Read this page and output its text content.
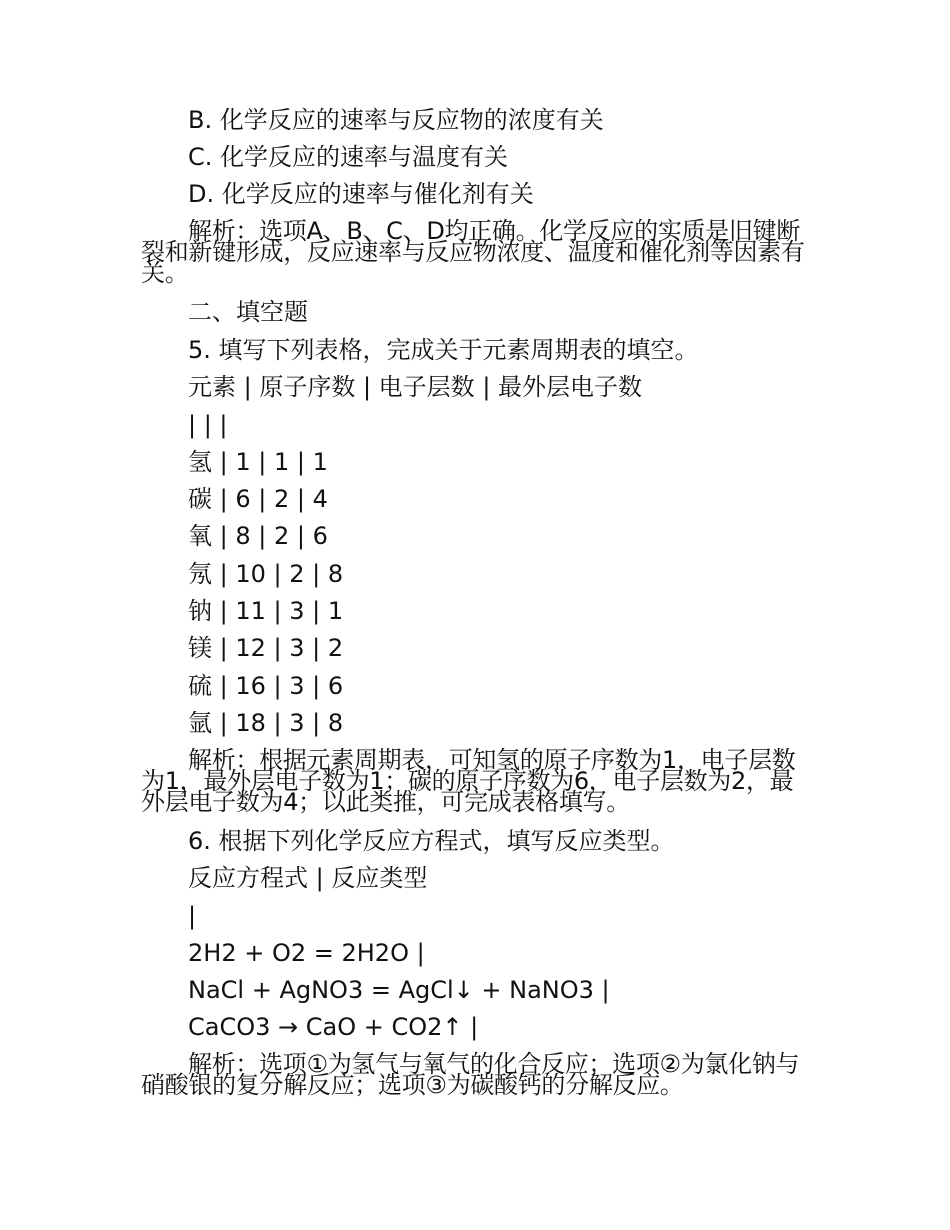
B. 化学反应的速率与反应物的浓度有关
C. 化学反应的速率与温度有关
D. 化学反应的速率与催化剂有关
解析：选项A、B、C、D均正确。化学反应的实质是旧键断裂和新键形成，反应速率与反应物浓度、温度和催化剂等因素有关。
二、填空题
5. 填写下列表格，完成关于元素周期表的填空。
元素 | 原子序数 | 电子层数 | 最外层电子数
| | |
氢 | 1 | 1 | 1
碳 | 6 | 2 | 4
氧 | 8 | 2 | 6
氖 | 10 | 2 | 8
钠 | 11 | 3 | 1
镁 | 12 | 3 | 2
硫 | 16 | 3 | 6
氩 | 18 | 3 | 8
解析：根据元素周期表，可知氢的原子序数为1，电子层数为1，最外层电子数为1；碳的原子序数为6，电子层数为2，最外层电子数为4；以此类推，可完成表格填写。
6. 根据下列化学反应方程式，填写反应类型。
反应方程式 | 反应类型
|
2H2 + O2 = 2H2O |
NaCl + AgNO3 = AgCl↓ + NaNO3 |
CaCO3 → CaO + CO2↑ |
解析：选项①为氢气与氧气的化合反应；选项②为氯化钠与硝酸银的复分解反应；选项③为碳酸钙的分解反应。
